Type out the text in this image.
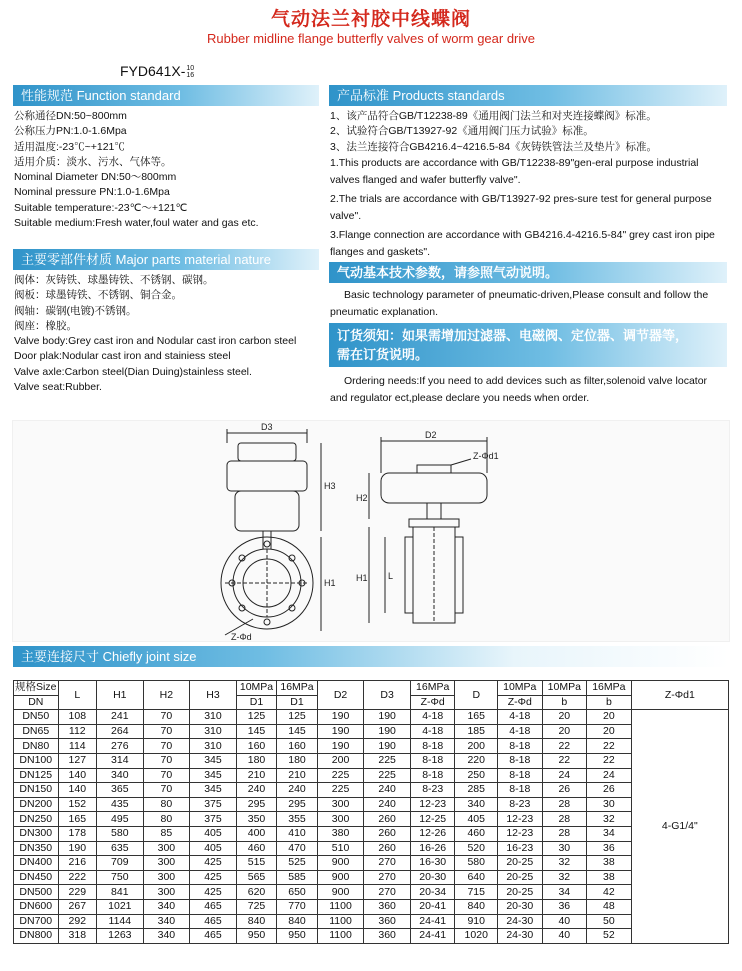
气动法兰衬胶中线蝶阀
Rubber midline flange butterfly valves of worm gear drive
FYD641X- 10
16
性能规范 Function standard
公称通径DN:50~800mm
公称压力PN:1.0-1.6Mpa
适用温度:-23℃~+121℃
适用介质：淡水、污水、气体等。
Nominal Diameter DN:50～800mm
Nominal pressure PN:1.0-1.6Mpa
Suitable temperature:-23℃～+121℃
Suitable medium:Fresh water,foul water and gas etc.
主要零部件材质 Major parts material nature
阀体：灰铸铁、球墨铸铁、不锈钢、碳钢。
阀板：球墨铸铁、不锈钢、铜合金。
阀轴：碳钢(电镀)不锈钢。
阀座：橡胶。
Valve body:Grey cast iron and Nodular cast iron carbon steel
Door plak:Nodular cast iron and stainiess steel
Valve axle:Carbon steel(Dian Duing)stainless steel.
Valve seat:Rubber.
产品标准 Products standards
1、该产品符合GB/T12238-89《通用阀门法兰和对夹连接蝶阀》标准。
2、试验符合GB/T13927-92《通用阀门压力试验》标准。
3、法兰连接符合GB4216.4~4216.5-84《灰铸铁管法兰及垫片》标准。
1.This products are accordance with GB/T12238-89"gen-eral purpose industrial valves flanged and wafer butterfly valve".
2.The trials are accordance with GB/T13927-92 pres-sure test for general purpose valve".
3.Flange connection are accordance with GB4216.4-4216.5-84" grey cast iron pipe flanges and gaskets".
气动基本技术参数，请参照气动说明。
Basic technology parameter of pneumatic-driven,Please consult and follow the pneumatic explanation.
订货须知：如果需增加过滤器、电磁阀、定位器、调节器等，
需在订货说明。
Ordering needs:If you need to add devices such as filter,solenoid valve locator and regulator ect,please declare you needs when order.
D3
H3
H1
Z-Φd
D2
H2
Z-Φd1
H1 L
主要连接尺寸 Chiefly joint size
规格Size	L	H1	H2	H3	10MPa	16MPa	D2	D3	16MPa	D	10MPa	10MPa	16MPa	Z-Φd1
DN					D1	D1			Z-Φd		Z-Φd	b	b	
DN50	108	241	70	310	125	125	190	190	4-18	165	4-18	20	20	4-G1/4"
DN65	112	264	70	310	145	145	190	190	4-18	185	4-18	20	20	
DN80	114	276	70	310	160	160	190	190	8-18	200	8-18	22	22	
DN100	127	314	70	345	180	180	200	225	8-18	220	8-18	22	22	
DN125	140	340	70	345	210	210	225	225	8-18	250	8-18	24	24	
DN150	140	365	70	345	240	240	225	240	8-23	285	8-18	26	26	
DN200	152	435	80	375	295	295	300	240	12-23	340	8-23	28	30	
DN250	165	495	80	375	350	355	300	260	12-25	405	12-23	28	32	
DN300	178	580	85	405	400	410	380	260	12-26	460	12-23	28	34	
DN350	190	635	300	405	460	470	510	260	16-26	520	16-23	30	36	
DN400	216	709	300	425	515	525	900	270	16-30	580	20-25	32	38	
DN450	222	750	300	425	565	585	900	270	20-30	640	20-25	32	38	
DN500	229	841	300	425	620	650	900	270	20-34	715	20-25	34	42	
DN600	267	1021	340	465	725	770	1100	360	20-41	840	20-30	36	48	
DN700	292	1144	340	465	840	840	1100	360	24-41	910	24-30	40	50	
DN800	318	1263	340	465	950	950	1100	360	24-41	1020	24-30	40	52	
